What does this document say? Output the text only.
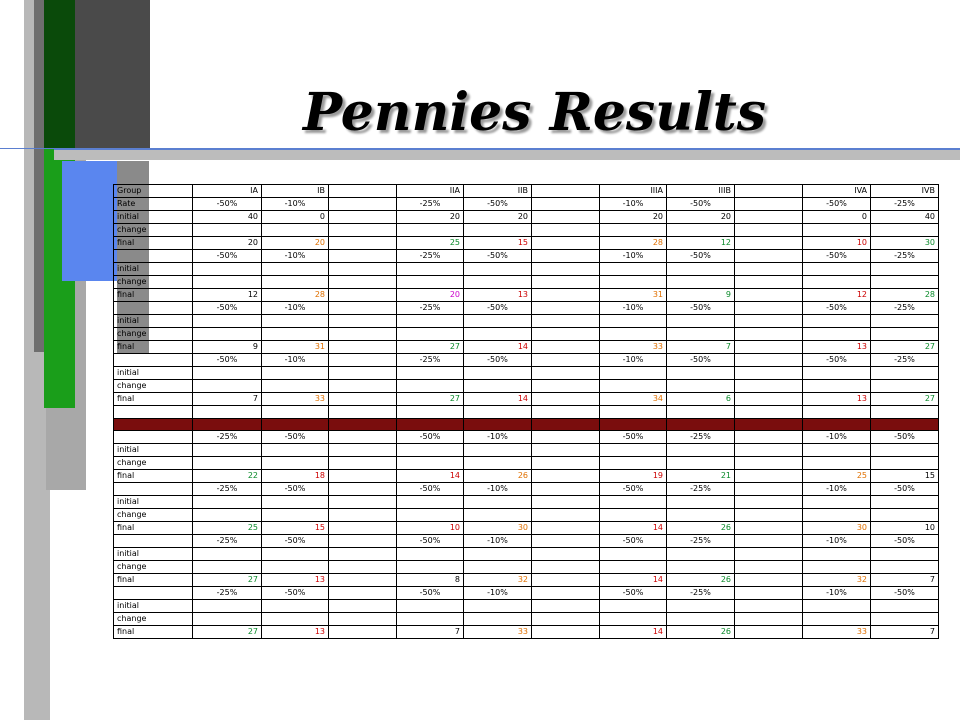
Pennies Results
Group	IA	IB		IIA	IIB		IIIA	IIIB		IVA	IVB
Rate	-50%	-10%		-25%	-50%		-10%	-50%		-50%	-25%
initial	40	0		20	20		20	20		0	40
change											
final	20	20		25	15		28	12		10	30
	-50%	-10%		-25%	-50%		-10%	-50%		-50%	-25%
initial											
change											
final	12	28		20	13		31	9		12	28
	-50%	-10%		-25%	-50%		-10%	-50%		-50%	-25%
initial											
change											
final	9	31		27	14		33	7		13	27
	-50%	-10%		-25%	-50%		-10%	-50%		-50%	-25%
initial											
change											
final	7	33		27	14		34	6		13	27

	-25%	-50%		-50%	-10%		-50%	-25%		-10%	-50%
initial											
change											
final	22	18		14	26		19	21		25	15
	-25%	-50%		-50%	-10%		-50%	-25%		-10%	-50%
initial											
change											
final	25	15		10	30		14	26		30	10
	-25%	-50%		-50%	-10%		-50%	-25%		-10%	-50%
initial											
change											
final	27	13		8	32		14	26		32	7
	-25%	-50%		-50%	-10%		-50%	-25%		-10%	-50%
initial											
change											
final	27	13		7	33		14	26		33	7
